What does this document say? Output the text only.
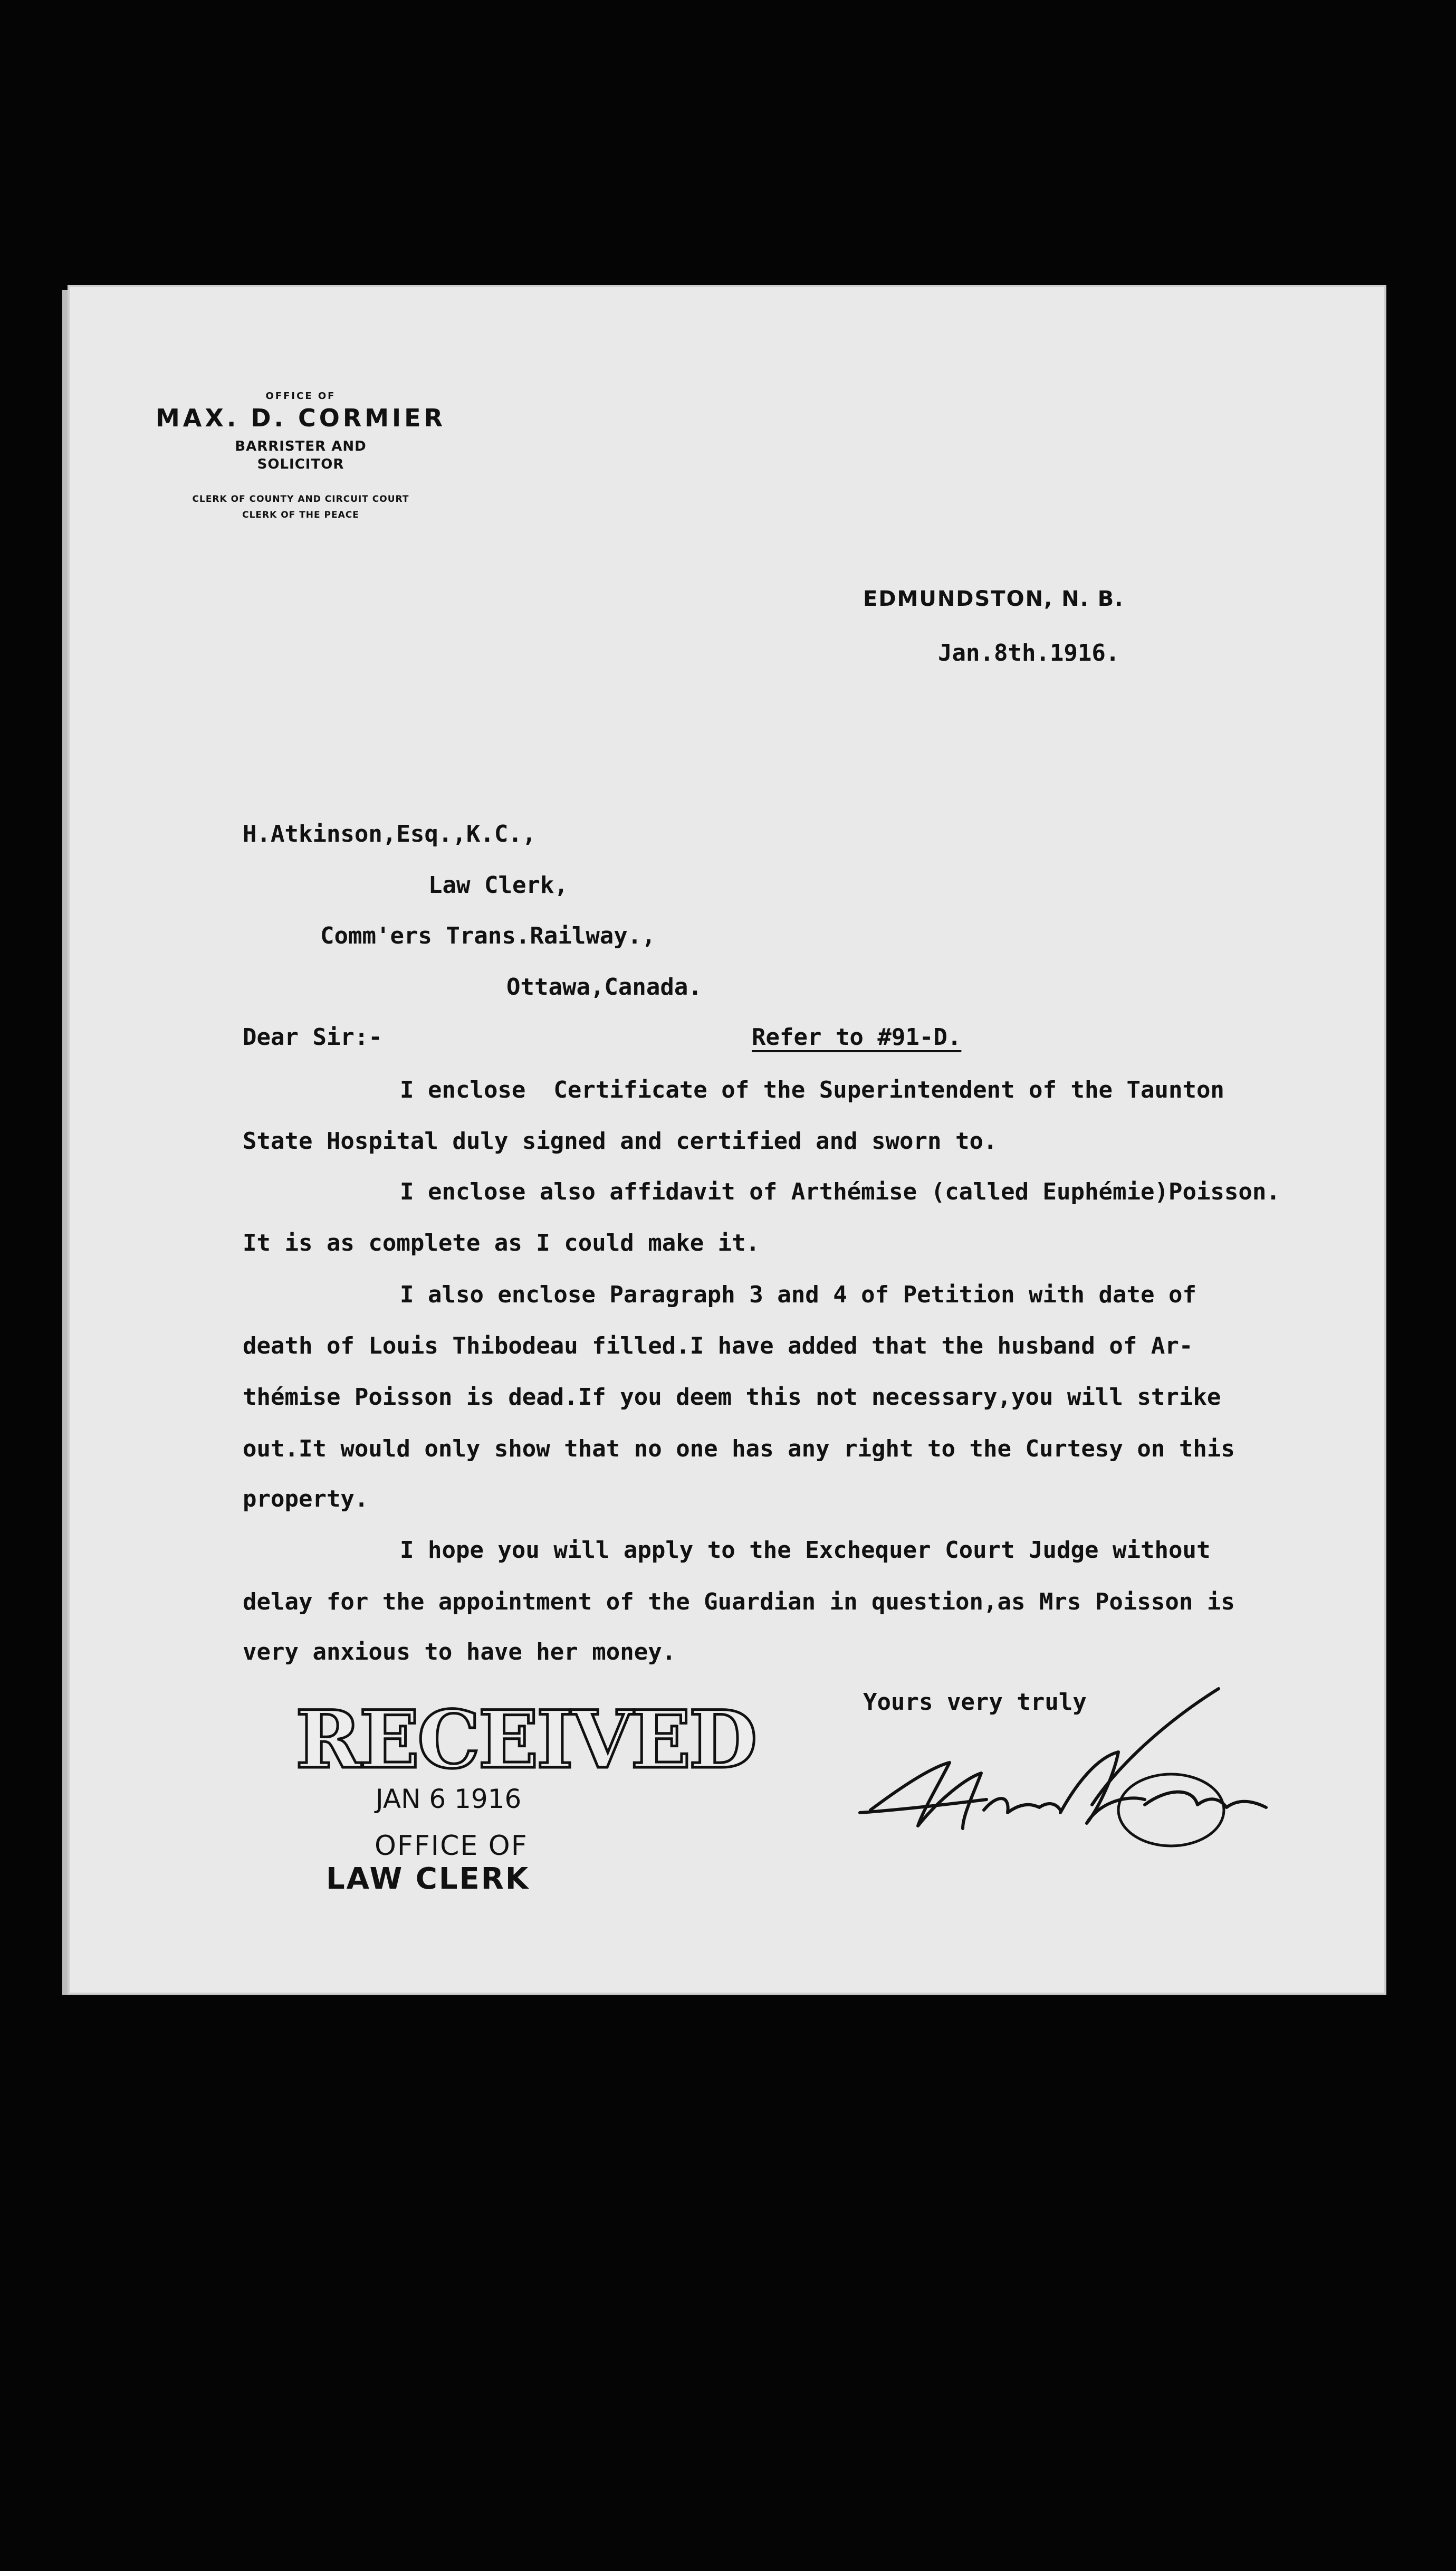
OFFICE OF
MAX. D. CORMIER
BARRISTER AND
SOLICITOR
CLERK OF COUNTY AND CIRCUIT COURT
CLERK OF THE PEACE
EDMUNDSTON, N. B.
Jan.8th.1916.
H.Atkinson,Esq.,K.C.,
Law Clerk,
Comm'ers Trans.Railway.,
Ottawa,Canada.
Dear Sir:-	Refer to #91-D.
I enclose  Certificate of the Superintendent of the Taunton
State Hospital duly signed and certified and sworn to.
I enclose also affidavit of Arthémise (called Euphémie)Poisson.
It is as complete as I could make it.
I also enclose Paragraph 3 and 4 of Petition with date of
death of Louis Thibodeau filled.I have added that the husband of Ar-
thémise Poisson is dead.If you deem this not necessary,you will strike
out.It would only show that no one has any right to the Curtesy on this
property.
I hope you will apply to the Exchequer Court Judge without
delay for the appointment of the Guardian in question,as Mrs Poisson is
very anxious to have her money.
Yours very truly
Max. D. Cormier
RECEIVED
JAN 6 1916
OFFICE OF
LAW CLERK
